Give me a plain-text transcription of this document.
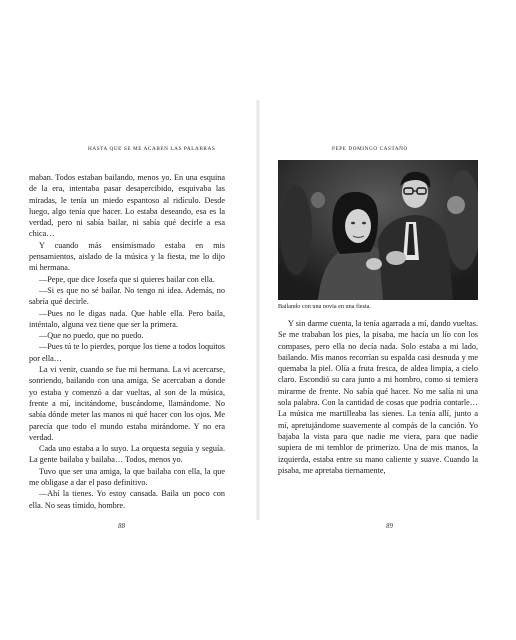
HASTA QUE SE ME ACABEN LAS PALABRAS

maban. Todos estaban bailando, menos yo. En una esquina de la era, intentaba pasar desapercibido, esquivaba las miradas, le tenía un miedo espantoso al ridículo. Desde luego, algo tenía que hacer. Lo estaba deseando, esa es la verdad, pero ni sabía bailar, ni sabía qué decirle a esa chica…

Y cuando más ensimismado estaba en mis pensamientos, aislado de la música y la fiesta, me lo dijo mi hermana.

—Pepe, que dice Josefa que si quieres bailar con ella.

—Si es que no sé bailar. No tengo ni idea. Además, no sabría qué decirle.

—Pues no le digas nada. Que hable ella. Pero baila, inténtalo, alguna vez tiene que ser la primera.

—Que no puedo, que no puedo.

—Pues tú te lo pierdes, porque los tiene a todos loquitos por ella…

La vi venir, cuando se fue mi hermana. La vi acercarse, sonriendo, bailando con una amiga. Se acercaban a donde yo estaba y comenzó a dar vueltas, al son de la música, frente a mí, incitándome, buscándome, llamándome. No sabía dónde meter las manos ni qué hacer con los ojos. Me parecía que todo el mundo estaba mirándome. Y no era verdad.

Cada uno estaba a lo suyo. La orquesta seguía y seguía. La gente bailaba y bailaba… Todos, menos yo.

Tuvo que ser una amiga, la que bailaba con ella, la que me obligase a dar el paso definitivo.

—Ahí la tienes. Yo estoy cansada. Baila un poco con ella. No seas tímido, hombre.

88
PEPE DOMINGO CASTAÑO
Bailando con una novia en una fiesta.

Y sin darme cuenta, la tenía agarrada a mí, dando vueltas. Se me trababan los pies, la pisaba, me hacía un lío con los compases, pero ella no decía nada. Solo estaba a mi lado, bailando. Mis manos recorrían su espalda casi desnuda y me quemaba la piel. Olía a fruta fresca, de aldea limpia, a cielo claro. Escondió su cara junto a mi hombro, como si temiera mirarme de frente. No sabía qué hacer. No me salía ni una sola palabra. Con la cantidad de cosas que podría contarle… La música me martilleaba las sienes. La tenía allí, junto a mí, apretujándome suavemente al compás de la canción. Yo bajaba la vista para que nadie me viera, para que nadie supiera de mi temblor de primerizo. Una de mis manos, la izquierda, estaba entre su mano caliente y suave. Cuando la pisaba, me apretaba tiernamente,

89
